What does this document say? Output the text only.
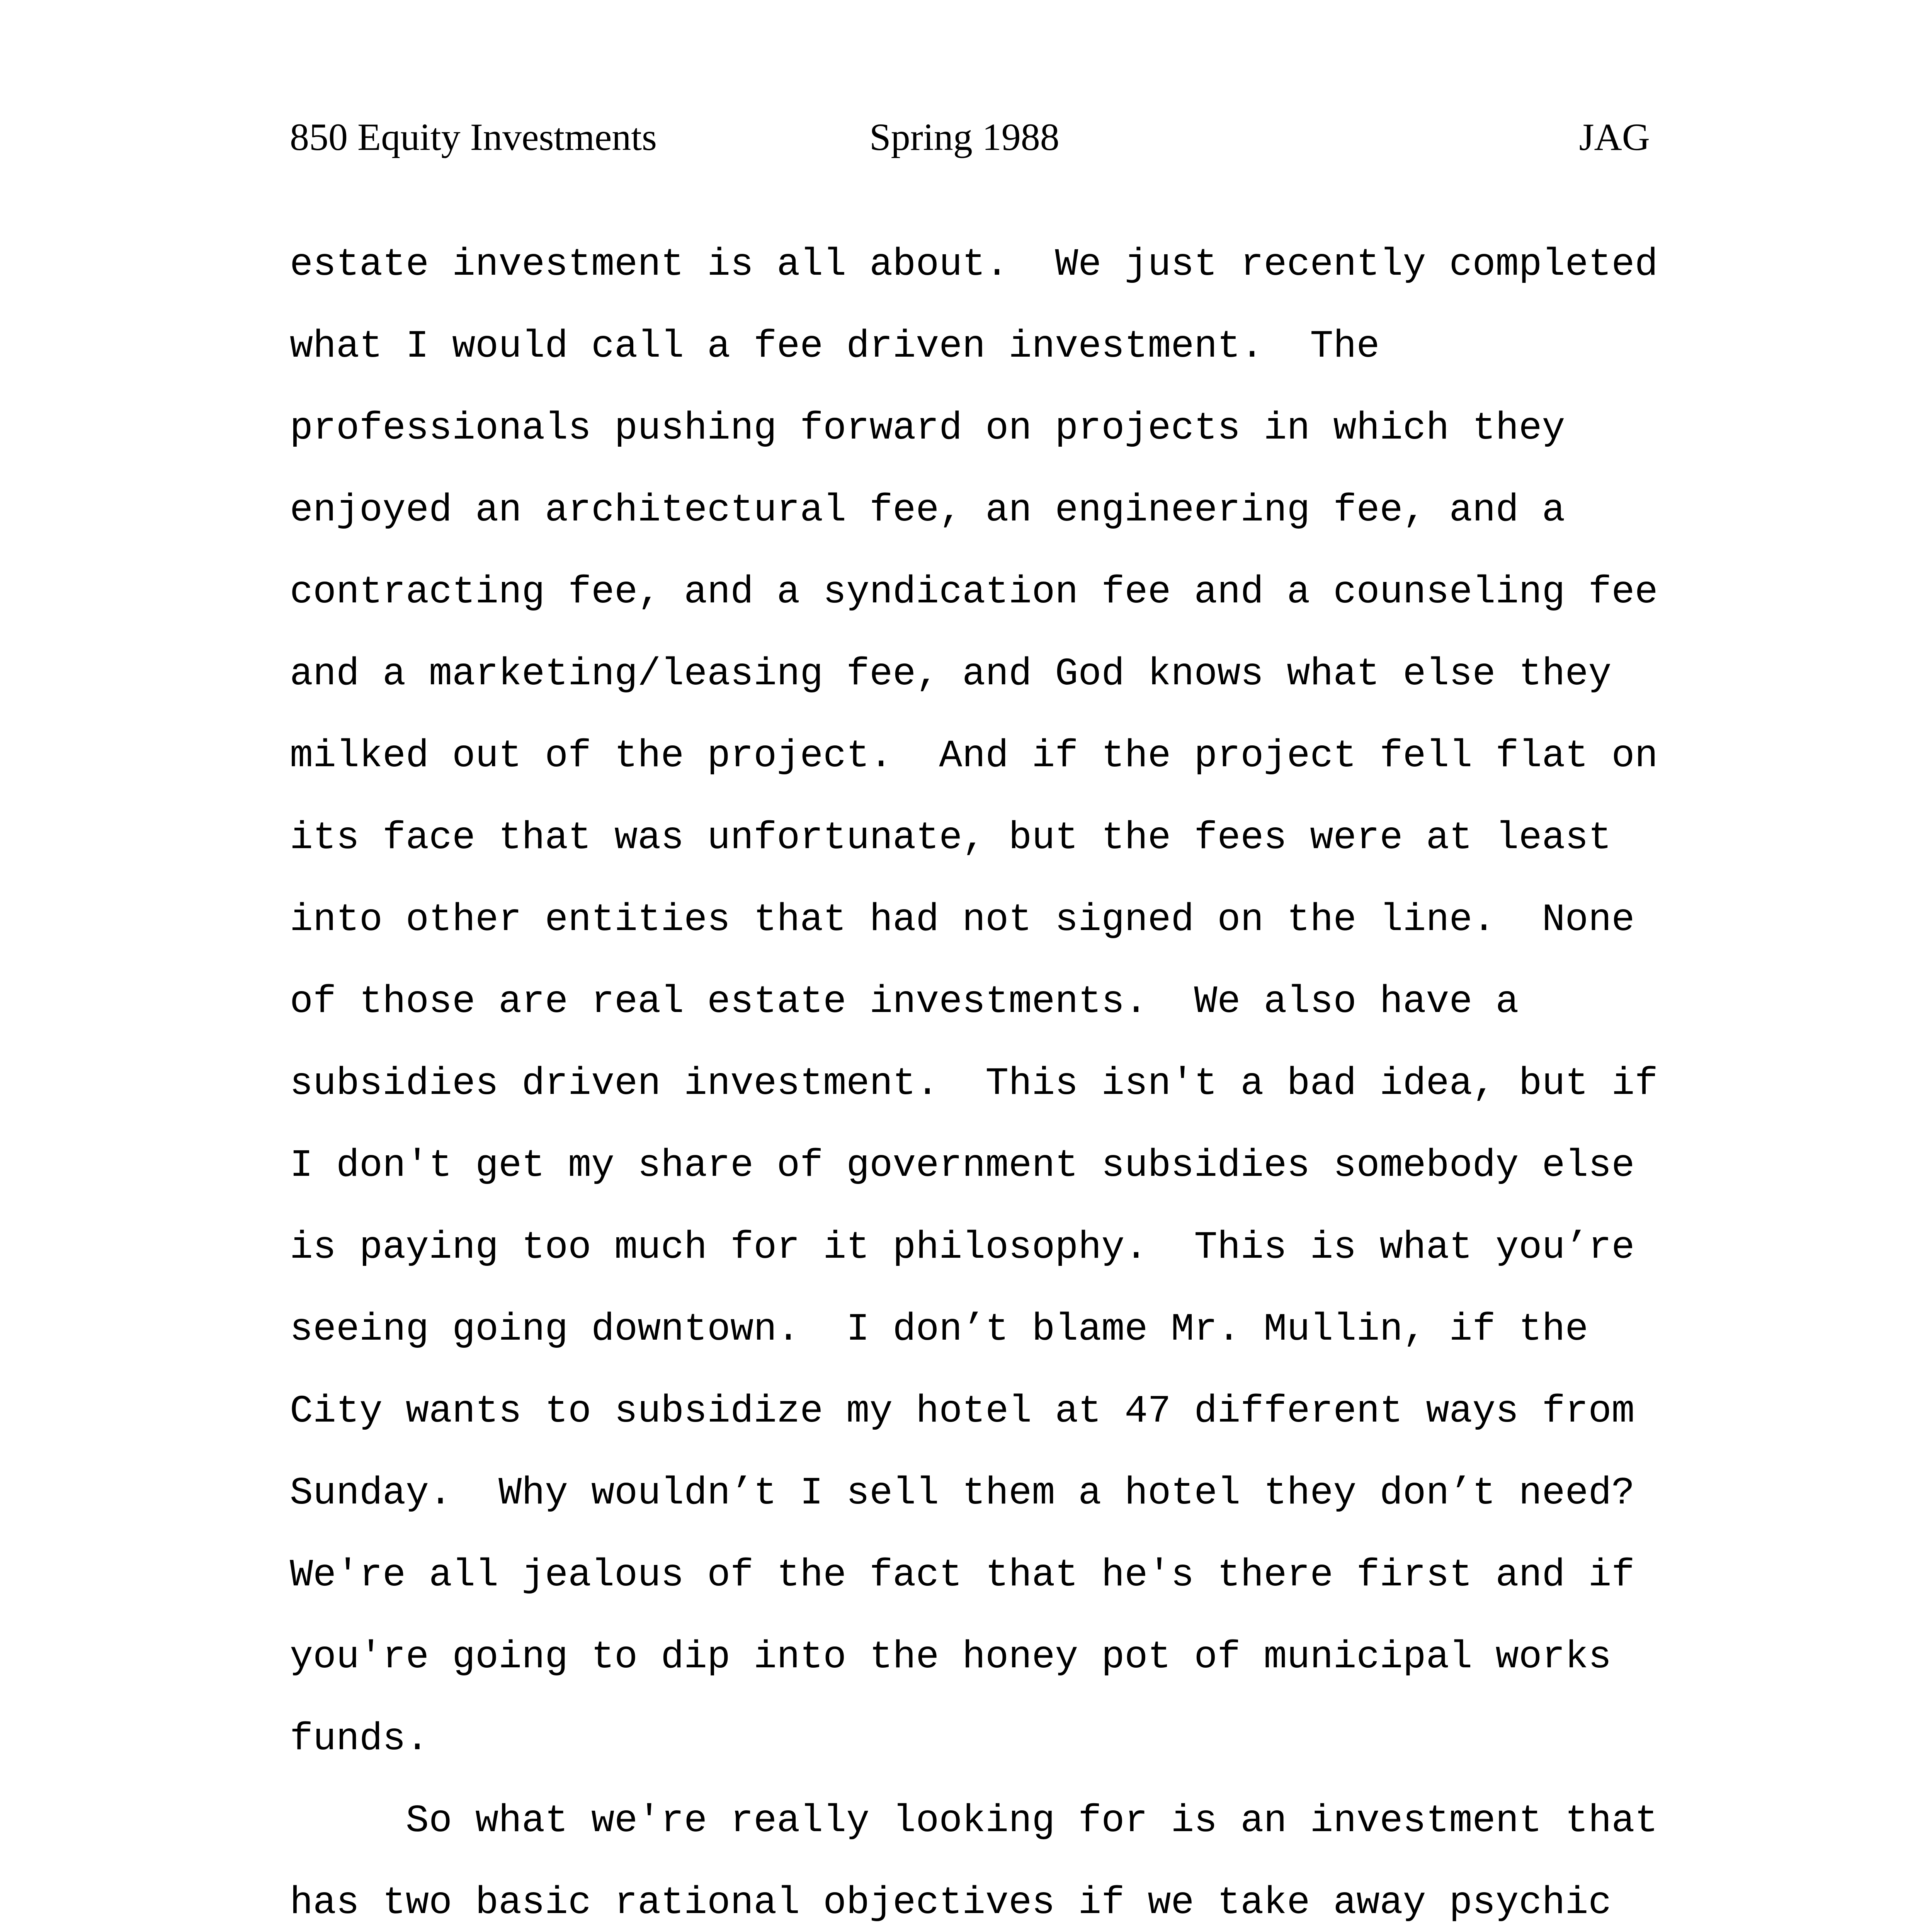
850 Equity Investments	Spring 1988	JAG
estate investment is all about.  We just recently completed
what I would call a fee driven investment.  The
professionals pushing forward on projects in which they
enjoyed an architectural fee, an engineering fee, and a
contracting fee, and a syndication fee and a counseling fee
and a marketing/leasing fee, and God knows what else they
milked out of the project.  And if the project fell flat on
its face that was unfortunate, but the fees were at least
into other entities that had not signed on the line.  None
of those are real estate investments.  We also have a
subsidies driven investment.  This isn't a bad idea, but if
I don't get my share of government subsidies somebody else
is paying too much for it philosophy.  This is what you’re
seeing going downtown.  I don’t blame Mr. Mullin, if the
City wants to subsidize my hotel at 47 different ways from
Sunday.  Why wouldn’t I sell them a hotel they don’t need?
We're all jealous of the fact that he's there first and if
you're going to dip into the honey pot of municipal works
funds.
So what we're really looking for is an investment that
has two basic rational objectives if we take away psychic
